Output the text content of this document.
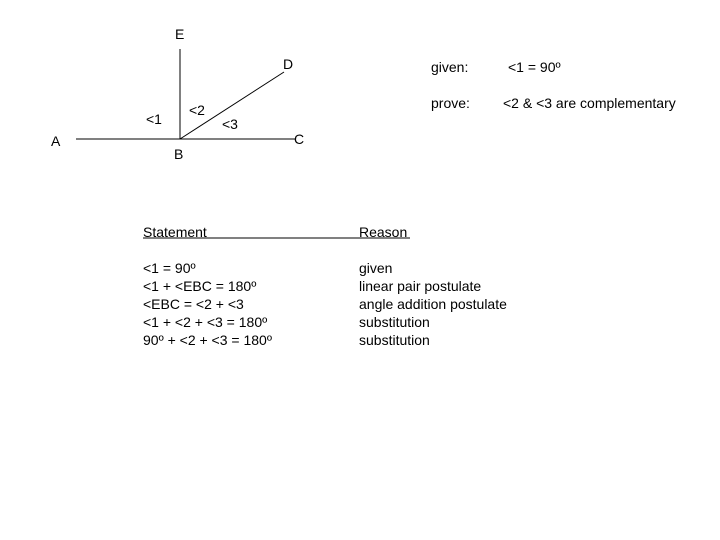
E
D
A
B
C
<1
<2
<3
given:	<1 = 90º
prove: <2 & <3 are complementary
Statement	Reason
<1 = 90º
<1 + <EBC = 180º
<EBC = <2 + <3
<1 + <2 + <3 = 180º
90º + <2 + <3 = 180º
given
linear pair postulate
angle addition postulate
substitution
substitution
